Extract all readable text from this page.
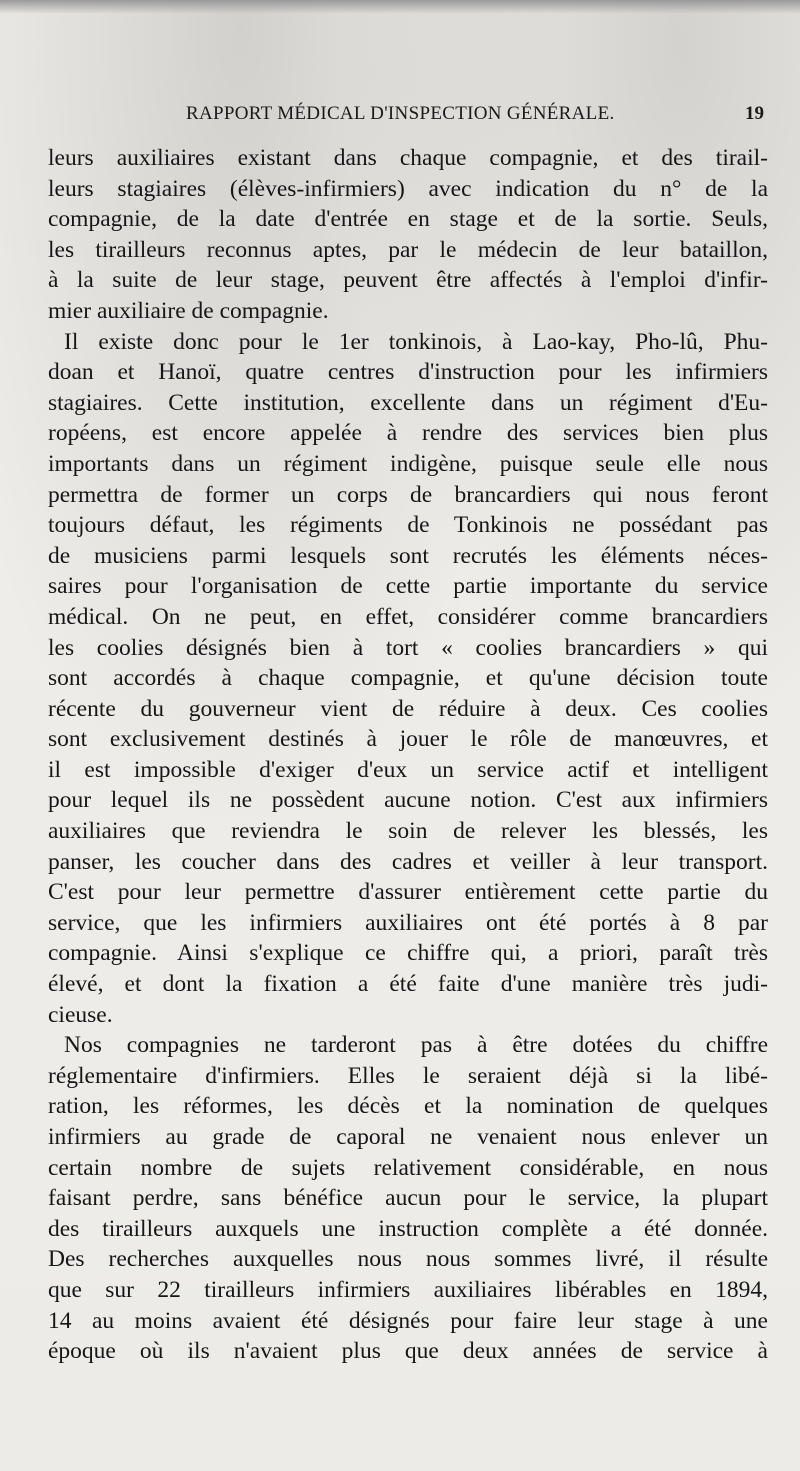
RAPPORT MÉDICAL D'INSPECTION GÉNÉRALE.	19
leurs auxiliaires existant dans chaque compagnie, et des tirail-
leurs stagiaires (élèves-infirmiers) avec indication du n° de la
compagnie, de la date d'entrée en stage et de la sortie. Seuls,
les tirailleurs reconnus aptes, par le médecin de leur bataillon,
à la suite de leur stage, peuvent être affectés à l'emploi d'infir-
mier auxiliaire de compagnie.
Il existe donc pour le 1er tonkinois, à Lao-kay, Pho-lû, Phu-
doan et Hanoï, quatre centres d'instruction pour les infirmiers
stagiaires. Cette institution, excellente dans un régiment d'Eu-
ropéens, est encore appelée à rendre des services bien plus
importants dans un régiment indigène, puisque seule elle nous
permettra de former un corps de brancardiers qui nous feront
toujours défaut, les régiments de Tonkinois ne possédant pas
de musiciens parmi lesquels sont recrutés les éléments néces-
saires pour l'organisation de cette partie importante du service
médical. On ne peut, en effet, considérer comme brancardiers
les coolies désignés bien à tort « coolies brancardiers » qui
sont accordés à chaque compagnie, et qu'une décision toute
récente du gouverneur vient de réduire à deux. Ces coolies
sont exclusivement destinés à jouer le rôle de manœuvres, et
il est impossible d'exiger d'eux un service actif et intelligent
pour lequel ils ne possèdent aucune notion. C'est aux infirmiers
auxiliaires que reviendra le soin de relever les blessés, les
panser, les coucher dans des cadres et veiller à leur transport.
C'est pour leur permettre d'assurer entièrement cette partie du
service, que les infirmiers auxiliaires ont été portés à 8 par
compagnie. Ainsi s'explique ce chiffre qui, a priori, paraît très
élevé, et dont la fixation a été faite d'une manière très judi-
cieuse.
Nos compagnies ne tarderont pas à être dotées du chiffre
réglementaire d'infirmiers. Elles le seraient déjà si la libé-
ration, les réformes, les décès et la nomination de quelques
infirmiers au grade de caporal ne venaient nous enlever un
certain nombre de sujets relativement considérable, en nous
faisant perdre, sans bénéfice aucun pour le service, la plupart
des tirailleurs auxquels une instruction complète a été donnée.
Des recherches auxquelles nous nous sommes livré, il résulte
que sur 22 tirailleurs infirmiers auxiliaires libérables en 1894,
14 au moins avaient été désignés pour faire leur stage à une
époque où ils n'avaient plus que deux années de service à
